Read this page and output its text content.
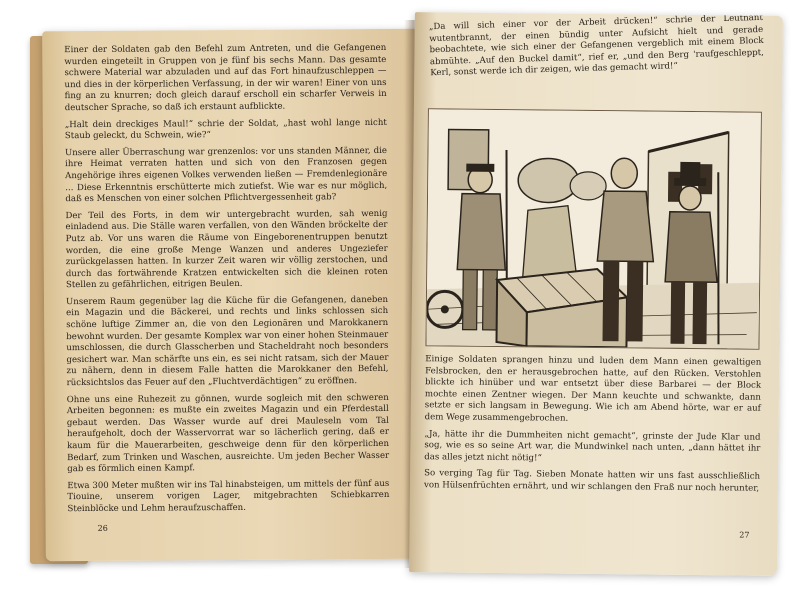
Einer der Soldaten gab den Befehl zum Antreten, und die Gefangenen wurden eingeteilt in Gruppen von je fünf bis sechs Mann. Das gesamte schwere Material war abzuladen und auf das Fort hinaufzuschleppen — und dies in der körperlichen Verfassung, in der wir waren! Einer von uns fing an zu knurren; doch gleich darauf erscholl ein scharfer Verweis in deutscher Sprache, so daß ich erstaunt aufblickte.

„Halt dein dreckiges Maul!“ schrie der Soldat, „hast wohl lange nicht Staub geleckt, du Schwein, wie?“

Unsere aller Überraschung war grenzenlos: vor uns standen Männer, die ihre Heimat verraten hatten und sich von den Franzosen gegen Angehörige ihres eigenen Volkes verwenden ließen — Fremdenlegionäre ... Diese Erkenntnis erschütterte mich zutiefst. Wie war es nur möglich, daß es Menschen von einer solchen Pflichtvergessenheit gab?

Der Teil des Forts, in dem wir untergebracht wurden, sah wenig einladend aus. Die Ställe waren verfallen, von den Wänden bröckelte der Putz ab. Vor uns waren die Räume von Eingeborenentruppen benutzt worden, die eine große Menge Wanzen und anderes Ungeziefer zurückgelassen hatten. In kurzer Zeit waren wir völlig zerstochen, und durch das fortwährende Kratzen entwickelten sich die kleinen roten Stellen zu gefährlichen, eitrigen Beulen.

Unserem Raum gegenüber lag die Küche für die Gefangenen, daneben ein Magazin und die Bäckerei, und rechts und links schlossen sich schöne luftige Zimmer an, die von den Legionären und Marokkanern bewohnt wurden. Der gesamte Komplex war von einer hohen Steinmauer umschlossen, die durch Glasscherben und Stacheldraht noch besonders gesichert war. Man schärfte uns ein, es sei nicht ratsam, sich der Mauer zu nähern, denn in diesem Falle hatten die Marokkaner den Befehl, rücksichtslos das Feuer auf den „Fluchtverdächtigen“ zu eröffnen.

Ohne uns eine Ruhezeit zu gönnen, wurde sogleich mit den schweren Arbeiten begonnen: es mußte ein zweites Magazin und ein Pferdestall gebaut werden. Das Wasser wurde auf drei Mauleseln vom Tal heraufgeholt, doch der Wasservorrat war so lächerlich gering, daß er kaum für die Mauerarbeiten, geschweige denn für den körperlichen Bedarf, zum Trinken und Waschen, ausreichte. Um jeden Becher Wasser gab es förmlich einen Kampf.

Etwa 300 Meter mußten wir ins Tal hinabsteigen, um mittels der fünf aus Tiouine, unserem vorigen Lager, mitgebrachten Schiebkarren Steinblöcke und Lehm heraufzuschaffen.

26

„Da will sich einer vor der Arbeit drücken!“ schrie der Leutnant wutentbrannt, der einen bündig unter Aufsicht hielt und gerade beobachtete, wie sich einer der Gefangenen vergeblich mit einem Block abmühte. „Auf den Buckel damit“, rief er, „und den Berg 'raufgeschleppt, Kerl, sonst werde ich dir zeigen, wie das gemacht wird!“

Einige Soldaten sprangen hinzu und luden dem Mann einen gewaltigen Felsbrocken, den er herausgebrochen hatte, auf den Rücken. Verstohlen blickte ich hinüber und war entsetzt über diese Barbarei — der Block mochte einen Zentner wiegen. Der Mann keuchte und schwankte, dann setzte er sich langsam in Bewegung. Wie ich am Abend hörte, war er auf dem Wege zusammengebrochen.

„Ja, hätte ihr die Dummheiten nicht gemacht“, grinste der Jude Klar und sog, wie es so seine Art war, die Mundwinkel nach unten, „dann hättet ihr das alles jetzt nicht nötig!“

So verging Tag für Tag. Sieben Monate hatten wir uns fast ausschließlich von Hülsenfrüchten ernährt, und wir schlangen den Fraß nur noch herunter,

27
